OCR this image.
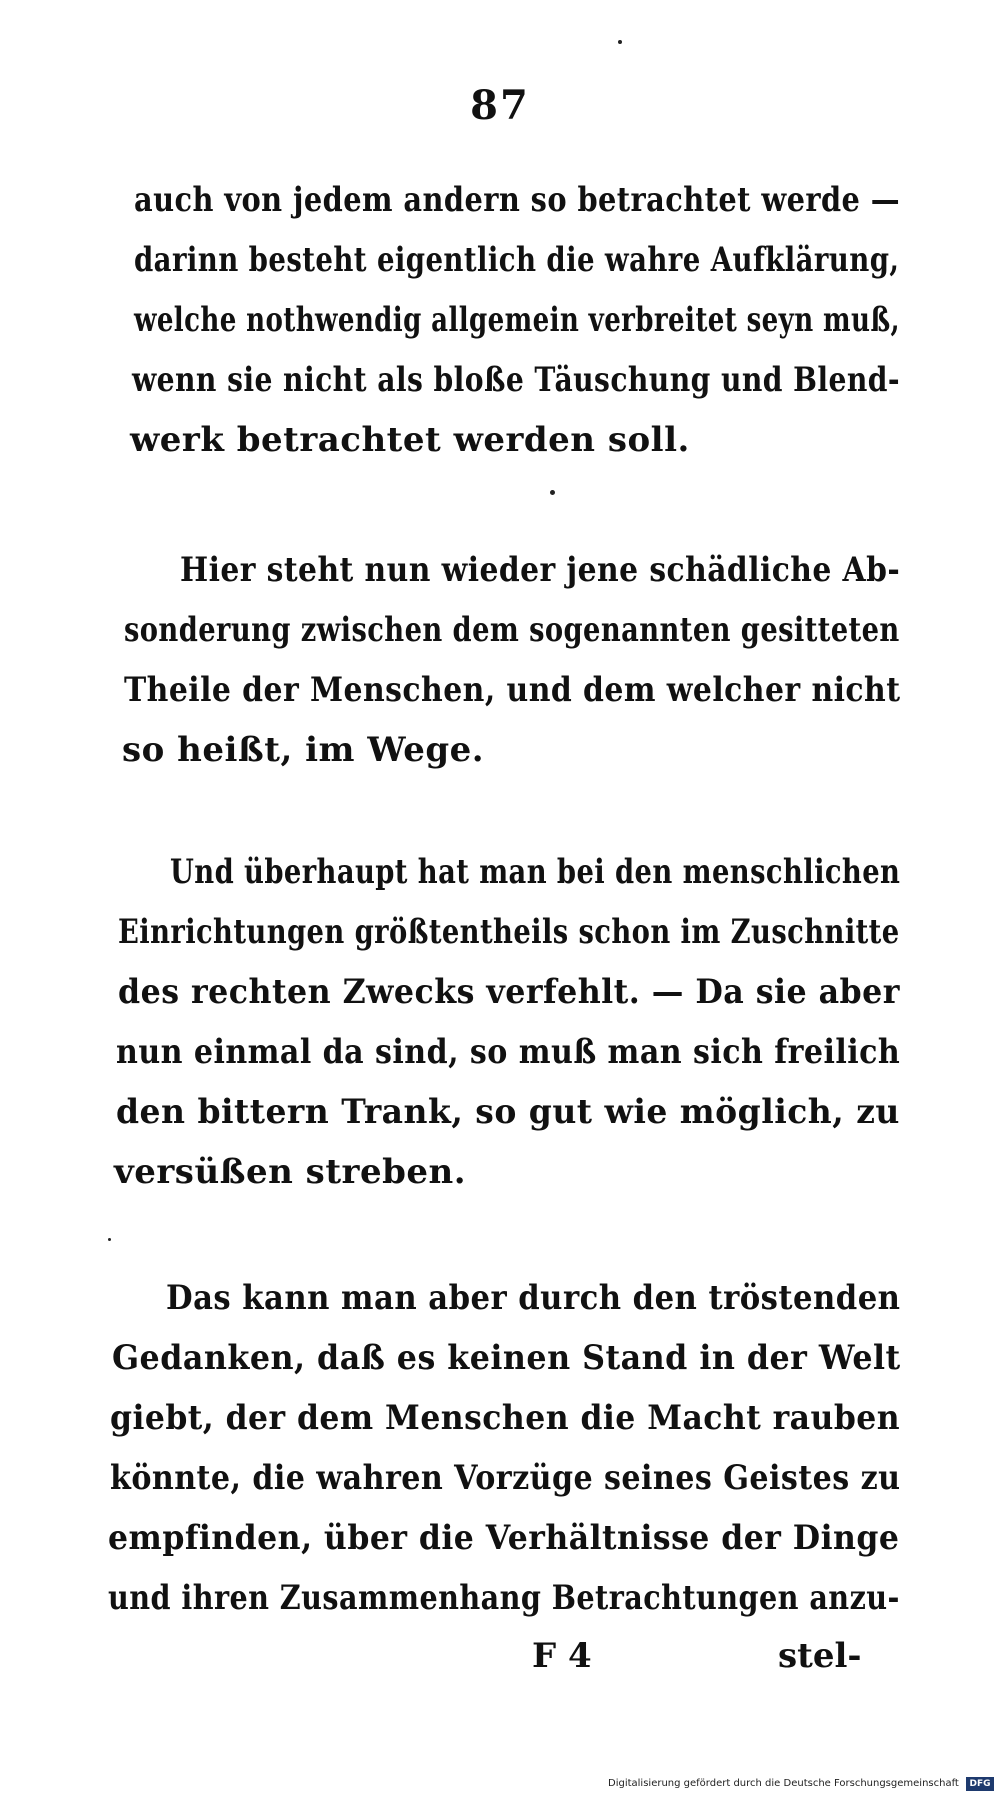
87
auch von jedem andern so betrachtet werde —
darinn besteht eigentlich die wahre Aufklärung,
welche nothwendig allgemein verbreitet seyn muß,
wenn sie nicht als bloße Täuschung und Blend-
werk betrachtet werden soll.
Hier steht nun wieder jene schädliche Ab-
sonderung zwischen dem sogenannten gesitteten
Theile der Menschen, und dem welcher nicht
so heißt, im Wege.
Und überhaupt hat man bei den menschlichen
Einrichtungen größtentheils schon im Zuschnitte
des rechten Zwecks verfehlt. — Da sie aber
nun einmal da sind, so muß man sich freilich
den bittern Trank, so gut wie möglich, zu
versüßen streben.
Das kann man aber durch den tröstenden
Gedanken, daß es keinen Stand in der Welt
giebt, der dem Menschen die Macht rauben
könnte, die wahren Vorzüge seines Geistes zu
empfinden, über die Verhältnisse der Dinge
und ihren Zusammenhang Betrachtungen anzu-
F 4	stel-
Digitalisierung gefördert durch die Deutsche Forschungsgemeinschaft	DFG
